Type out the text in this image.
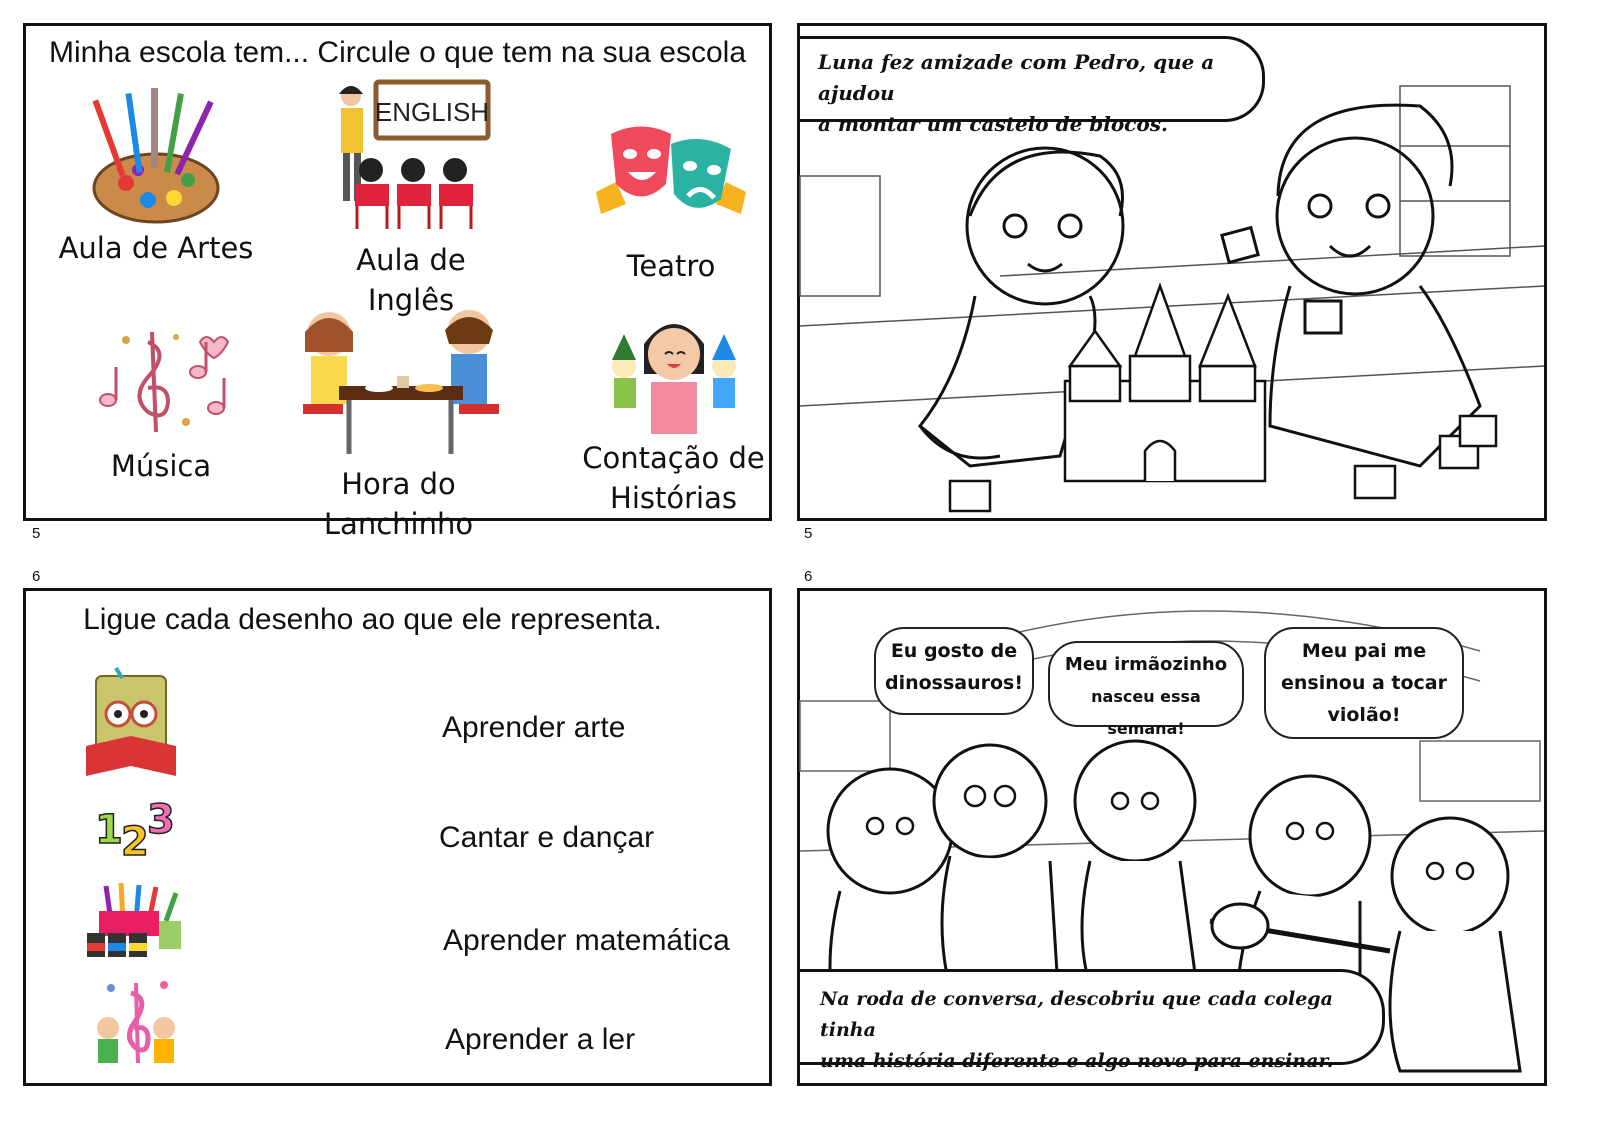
Minha escola tem... Circule o que tem na sua escola
Aula de Artes
ENGLISH
Aula de Inglês
Teatro
Música
Hora do Lanchinho
Contação de
Histórias
5
Luna fez amizade com Pedro, que a ajudou
a montar um castelo de blocos.
5
6
Ligue cada desenho ao que ele representa.
1
2
3
Aprender arte
Cantar e dançar
Aprender matemática
Aprender a ler
6
Eu gosto de
dinossauros!
Meu irmãozinho
nasceu essa semana!
Meu pai me
ensinou a tocar
violão!
Na roda de conversa, descobriu que cada colega tinha
uma história diferente e algo novo para ensinar.
